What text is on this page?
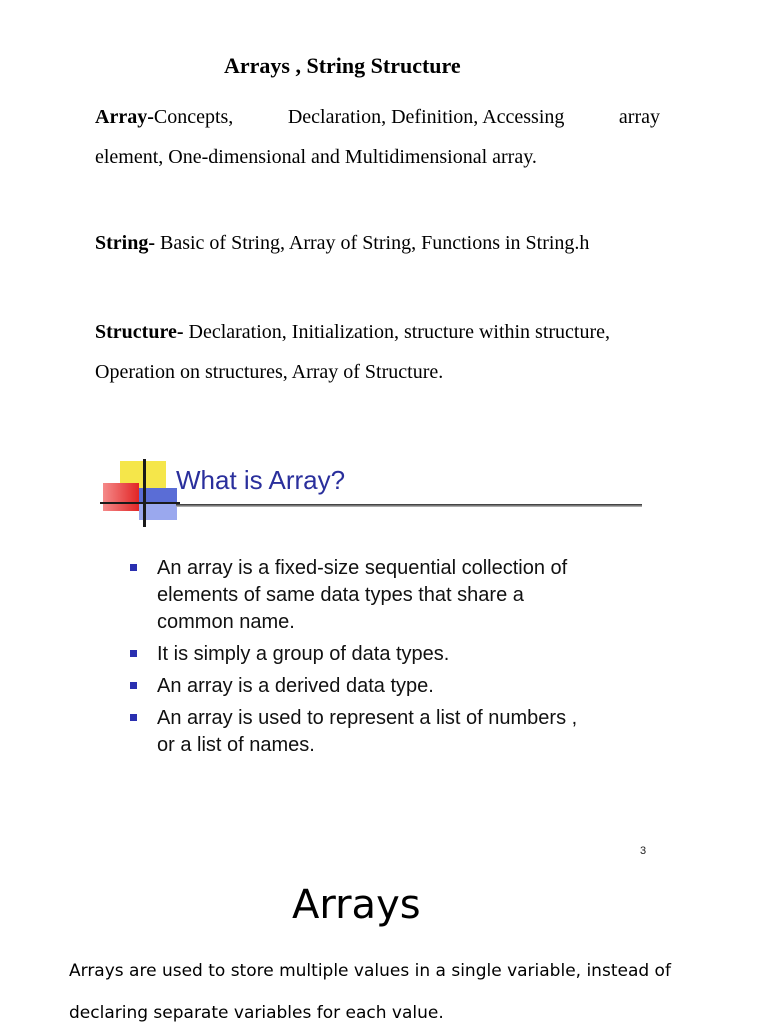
Arrays , String Structure
Array-Concepts,	Declaration, Definition, Accessing	array
element, One-dimensional and Multidimensional array.
String- Basic of String, Array of String, Functions in String.h
Structure- Declaration, Initialization, structure within structure,
Operation on structures, Array of Structure.
What is Array?
An array is a fixed-size sequential collection of
elements of same data types that share a
common name.
It is simply a group of data types.
An array is a derived data type.
An array is used to represent a list of numbers ,
or a list of names.
3
Arrays
Arrays are used to store multiple values in a single variable, instead of
declaring separate variables for each value.
